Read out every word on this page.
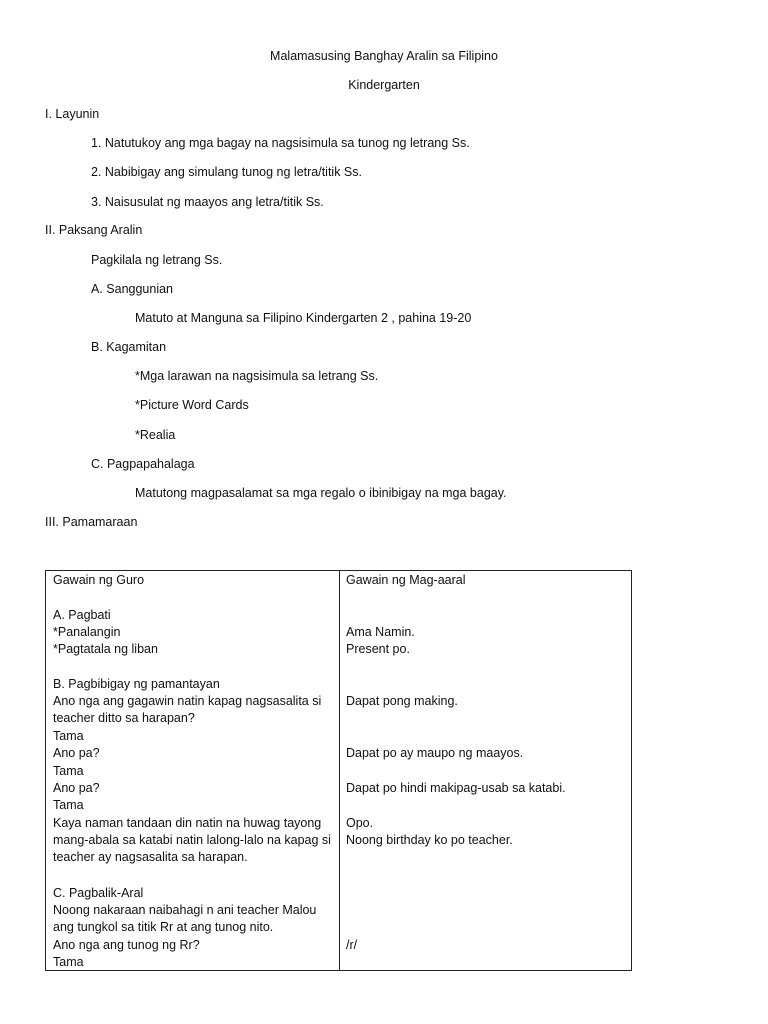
Malamasusing Banghay Aralin sa Filipino
Kindergarten
I. Layunin
1. Natutukoy ang mga bagay na nagsisimula sa tunog ng letrang Ss.
2. Nabibigay ang simulang tunog ng letra/titik Ss.
3. Naisusulat ng maayos ang letra/titik Ss.
II. Paksang Aralin
Pagkilala ng letrang Ss.
A. Sanggunian
Matuto at Manguna sa Filipino Kindergarten 2 , pahina 19-20
B. Kagamitan
*Mga larawan na nagsisimula sa letrang Ss.
*Picture Word Cards
*Realia
C. Pagpapahalaga
Matutong magpasalamat sa mga regalo o ibinibigay na mga bagay.
III. Pamamaraan
Gawain ng Guro
A. Pagbati
*Panalangin
*Pagtatala ng liban
B. Pagbibigay ng pamantayan
Ano nga ang gagawin natin kapag nagsasalita si
teacher ditto sa harapan?
Tama
Ano pa?
Tama
Ano pa?
Tama
Kaya naman tandaan din natin na huwag tayong
mang-abala sa katabi natin lalong-lalo na kapag si
teacher ay nagsasalita sa harapan.
C. Pagbalik-Aral
Noong nakaraan naibahagi n ani teacher Malou
ang tungkol sa titik Rr at ang tunog nito.
Ano nga ang tunog ng Rr?
Tama
Gawain ng Mag-aaral
Ama Namin.
Present po.
Dapat pong making.
Dapat po ay maupo ng maayos.
Dapat po hindi makipag-usab sa katabi.
Opo.
Noong birthday ko po teacher.
/r/
